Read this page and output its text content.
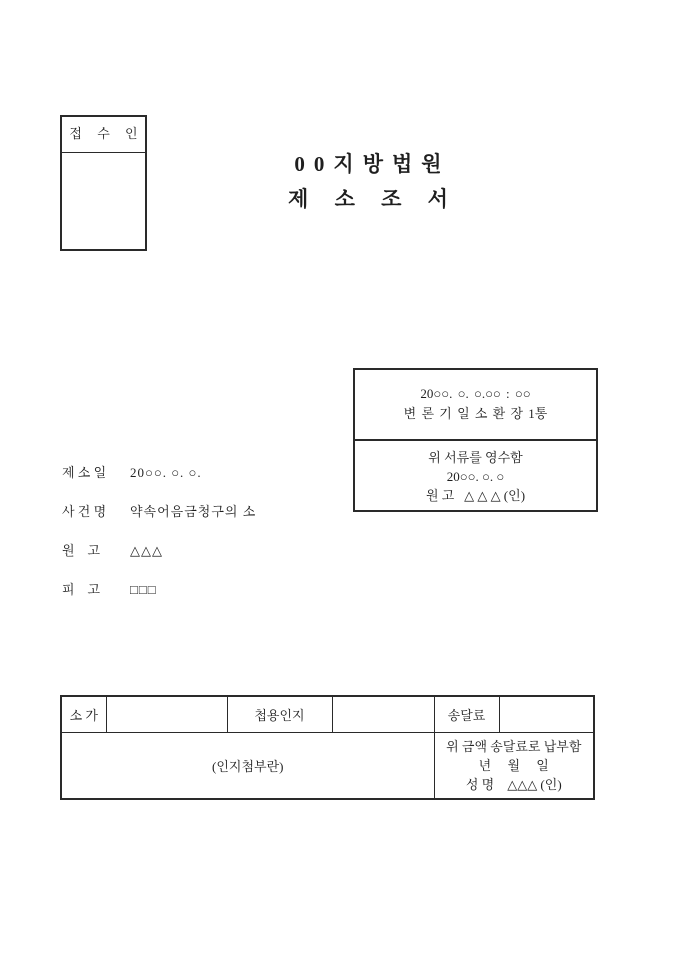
접 수 인
00지방법원
제 소 조 서
20○○. ○. ○.○○ : ○○
변 론 기 일 소 환 장 1통
위 서류를 영수함
20○○. ○. ○
원 고   △ △ △ (인)
제 소 일 20○○. ○. ○.
사 건 명 약속어음금청구의 소
원    고	△△△
피    고	□□□
소 가		첩용인지		송달료	
(인지첨부란)				위 금액 송달료로 납부함
년     월     일
성 명    △△△ (인)	
